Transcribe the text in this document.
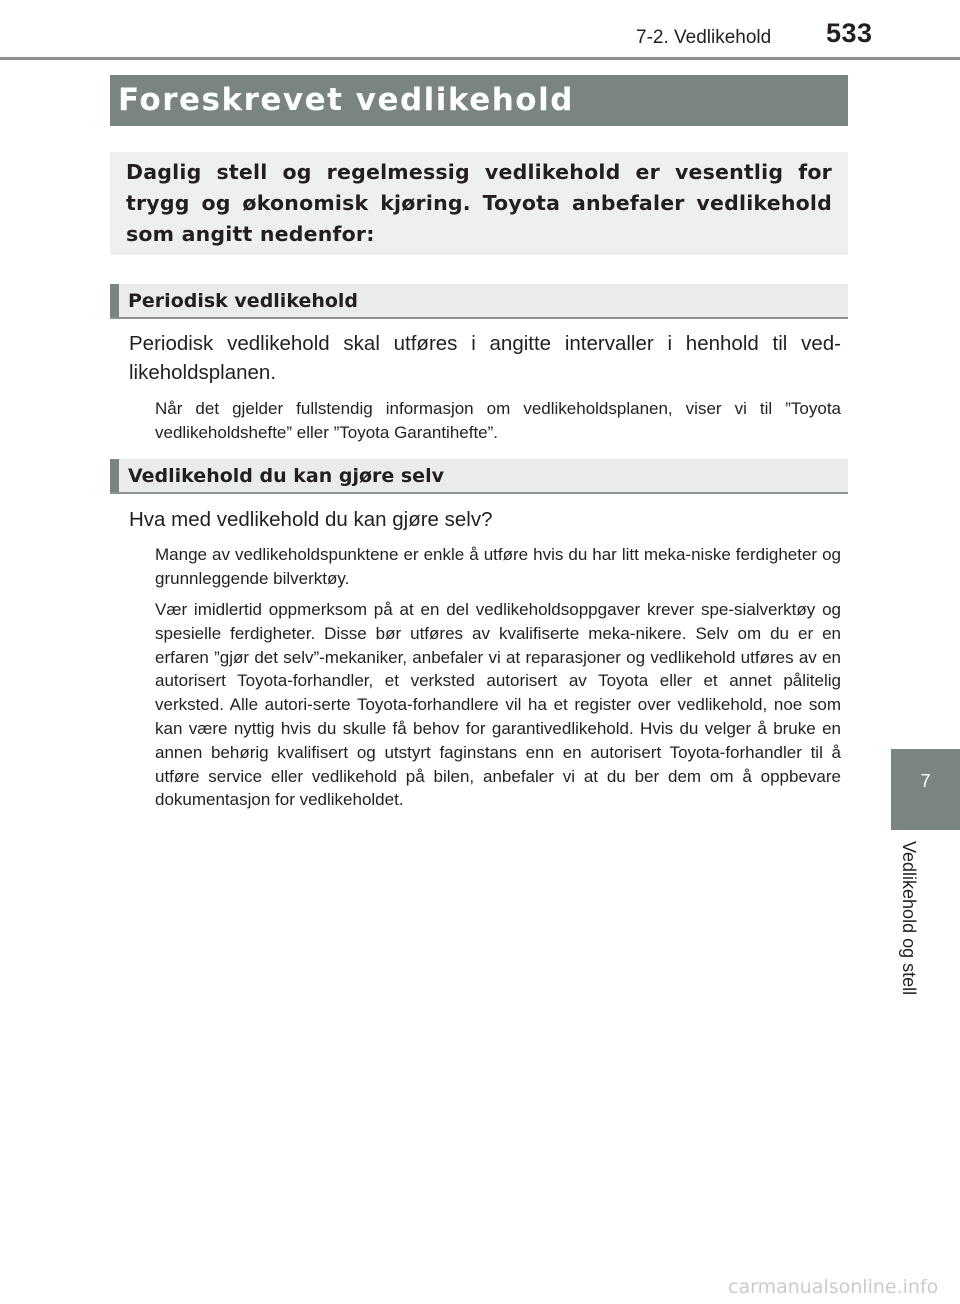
7-2. Vedlikehold 533
Foreskrevet vedlikehold

Daglig stell og regelmessig vedlikehold er vesentlig for trygg og økonomisk kjøring. Toyota anbefaler vedlikehold som angitt nedenfor:

Periodisk vedlikehold

Periodisk vedlikehold skal utføres i angitte intervaller i henhold til ved-likeholdsplanen.

Når det gjelder fullstendig informasjon om vedlikeholdsplanen, viser vi til ”Toyota vedlikeholdshefte” eller ”Toyota Garantihefte”.

Vedlikehold du kan gjøre selv

Hva med vedlikehold du kan gjøre selv?

Mange av vedlikeholdspunktene er enkle å utføre hvis du har litt meka-niske ferdigheter og grunnleggende bilverktøy.

Vær imidlertid oppmerksom på at en del vedlikeholdsoppgaver krever spe-sialverktøy og spesielle ferdigheter. Disse bør utføres av kvalifiserte meka-nikere. Selv om du er en erfaren ”gjør det selv”-mekaniker, anbefaler vi at reparasjoner og vedlikehold utføres av en autorisert Toyota-forhandler, et verksted autorisert av Toyota eller et annet pålitelig verksted. Alle autori-serte Toyota-forhandlere vil ha et register over vedlikehold, noe som kan være nyttig hvis du skulle få behov for garantivedlikehold. Hvis du velger å bruke en annen behørig kvalifisert og utstyrt faginstans enn en autorisert Toyota-forhandler til å utføre service eller vedlikehold på bilen, anbefaler vi at du ber dem om å oppbevare dokumentasjon for vedlikeholdet.

7
Vedlikehold og stell
carmanualsonline.info
